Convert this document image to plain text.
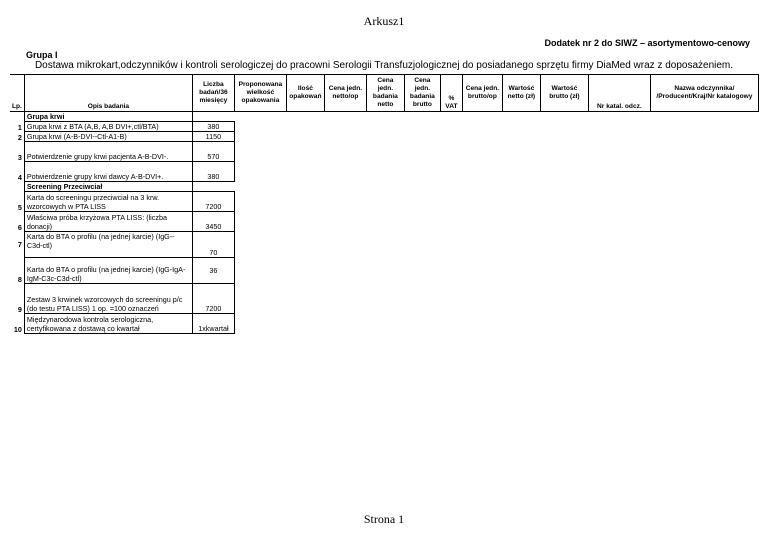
Arkusz1
Dodatek nr 2 do SIWZ – asortymentowo-cenowy
Grupa I
Dostawa mikrokart,odczynników i kontroli serologiczej do pracowni Serologii Transfuzjologicznej do posiadanego sprzętu firmy DiaMed wraz z doposażeniem.
Lp.	Opis badania	Liczba badań/36 miesięcy	Proponowana wielkość opakowania	Ilość opakowań	Cena jedn. netto/op	Cena jedn. badania netto	Cena jedn. badania brutto	% VAT	Cena jedn. brutto/op	Wartość netto (zł)	Wartość brutto (zł)	Nr katal. odcz.	Nazwa odczynnika/ /Producent/Kraj/Nr katalogowy
	Grupa krwi												
1	Grupa krwi z BTA (A,B, A,B DVI+,ctl/BTA)	380											
2	Grupa krwi (A-B-DVI--Ctl-A1-B)	1150											
3	Potwierdzenie grupy krwi pacjenta A-B-DVI-.	570											
4	Potwierdzenie grupy krwi dawcy A-B-DVI+.	380											
	Screening Przeciwciał												
5	Karta do screeningu przeciwciał na 3 krw. wzorcowych w PTA LISS	7200											
6	Właściwa próba krzyżowa PTA LISS: (liczba donacji)	3450											
7	Karta do BTA o profilu (na jednej karcie) (IgG--C3d-ctl)	70											
8	Karta do BTA o profilu (na jednej karcie) (IgG-IgA-IgM-C3c-C3d-ctl)	36											
9	Zestaw 3 krwinek wzorcowych do screeningu p/c (do testu PTA LISS) 1 op. =100 oznaczeń	7200											
10	Międzynarodowa kontrola serologiczna, certyfikowana z dostawą co kwartał	1xkwartał											
Strona 1
